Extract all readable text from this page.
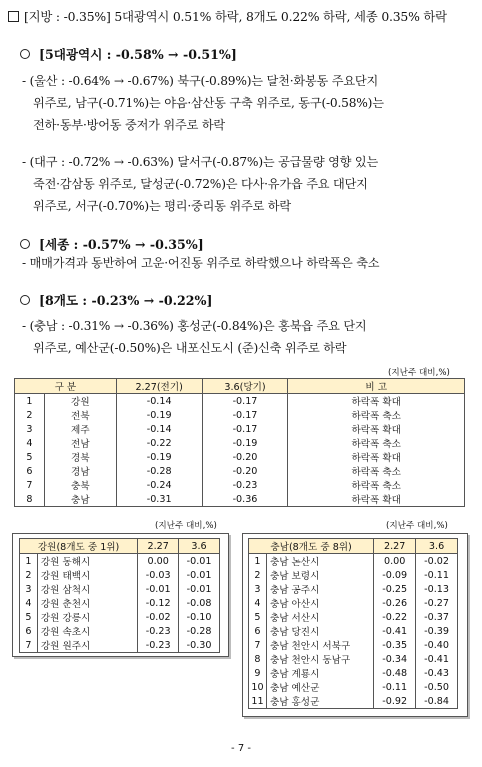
[지방 : -0.35%] 5대광역시 0.51% 하락, 8개도 0.22% 하락, 세종 0.35% 하락
[5대광역시 : -0.58% → -0.51%]
- (울산 : -0.64% → -0.67%) 북구(-0.89%)는 달천·화봉동 주요단지
위주로, 남구(-0.71%)는 야음·삼산동 구축 위주로, 동구(-0.58%)는
전하·동부·방어동 중저가 위주로 하락
- (대구 : -0.72% → -0.63%) 달서구(-0.87%)는 공급물량 영향 있는
죽전·감삼동 위주로, 달성군(-0.72%)은 다사·유가읍 주요 대단지
위주로, 서구(-0.70%)는 평리·중리동 위주로 하락
[세종 : -0.57% → -0.35%]
- 매매가격과 동반하여 고운·어진동 위주로 하락했으나 하락폭은 축소
[8개도 : -0.23% → -0.22%]
- (충남 : -0.31% → -0.36%) 홍성군(-0.84%)은 홍북읍 주요 단지
위주로, 예산군(-0.50%)은 내포신도시 (준)신축 위주로 하락
(지난주 대비,%)
구 분		2.27(전기)	3.6(당기)	비 고
1	강원	-0.14	-0.17	하락폭 확대
2	전북	-0.19	-0.17	하락폭 축소
3	제주	-0.14	-0.17	하락폭 확대
4	전남	-0.22	-0.19	하락폭 축소
5	경북	-0.19	-0.20	하락폭 확대
6	경남	-0.28	-0.20	하락폭 축소
7	충북	-0.24	-0.23	하락폭 축소
8	충남	-0.31	-0.36	하락폭 확대
(지난주 대비,%)
강원(8개도 중 1위)		2.27	3.6
1	강원 동해시	0.00	-0.01
2	강원 태백시	-0.03	-0.01
3	강원 삼척시	-0.01	-0.01
4	강원 춘천시	-0.12	-0.08
5	강원 강릉시	-0.02	-0.10
6	강원 속초시	-0.23	-0.28
7	강원 원주시	-0.23	-0.30
(지난주 대비,%)
충남(8개도 중 8위)		2.27	3.6
1	충남 논산시	0.00	-0.02
2	충남 보령시	-0.09	-0.11
3	충남 공주시	-0.25	-0.13
4	충남 아산시	-0.26	-0.27
5	충남 서산시	-0.22	-0.37
6	충남 당진시	-0.41	-0.39
7	충남 천안시 서북구	-0.35	-0.40
8	충남 천안시 동남구	-0.34	-0.41
9	충남 계룡시	-0.48	-0.43
10	충남 예산군	-0.11	-0.50
11	충남 홍성군	-0.92	-0.84
- 7 -
